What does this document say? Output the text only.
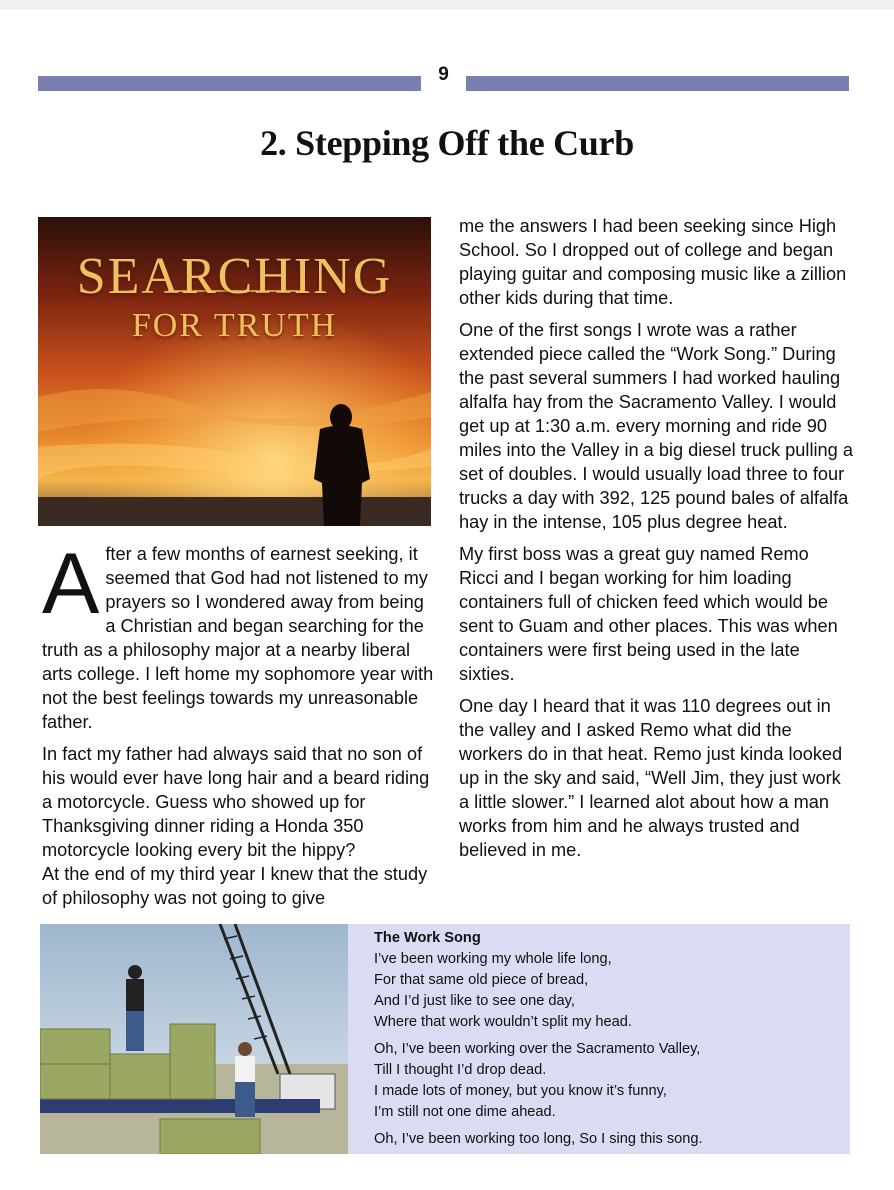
9
2. Stepping Off the Curb
SEARCHING
FOR TRUTH

After a few months of earnest seeking, it seemed that God had not listened to my prayers so I wondered away from being a Christian and began searching for the truth as a philosophy major at a nearby liberal arts college. I left home my sophomore year with not the best feelings towards my unreasonable father.

In fact my father had always said that no son of his would ever have long hair and a beard riding a motorcycle. Guess who showed up for Thanksgiving dinner riding a Honda 350 motorcycle looking every bit the hippy?
At the end of my third year I knew that the study of philosophy was not going to give

me the answers I had been seeking since High School. So I dropped out of college and began playing guitar and composing music like a zillion other kids during that time.

One of the first songs I wrote was a rather extended piece called the “Work Song.” During the past several summers I had worked hauling alfalfa hay from the Sacramento Valley. I would get up at 1:30 a.m. every morning and ride 90 miles into the Valley in a big diesel truck pulling a set of doubles. I would usually load three to four trucks a day with 392, 125 pound bales of alfalfa hay in the intense, 105 plus degree heat.

My first boss was a great guy named Remo Ricci and I began working for him loading containers full of chicken feed which would be sent to Guam and other places. This was when containers were first being used in the late sixties.

One day I heard that it was 110 degrees out in the valley and I asked Remo what did the workers do in that heat. Remo just kinda looked up in the sky and said, “Well Jim, they just work a little slower.” I learned alot about how a man works from him and he always trusted and believed in me.

The Work Song
I’ve been working my whole life long,
For that same old piece of bread,
And I’d just like to see one day,
Where that work wouldn’t split my head.
Oh, I’ve been working over the Sacramento Valley,
Till I thought I’d drop dead.
I made lots of money, but you know it’s funny,
I’m still not one dime ahead.
Oh, I’ve been working too long, So I sing this song.
